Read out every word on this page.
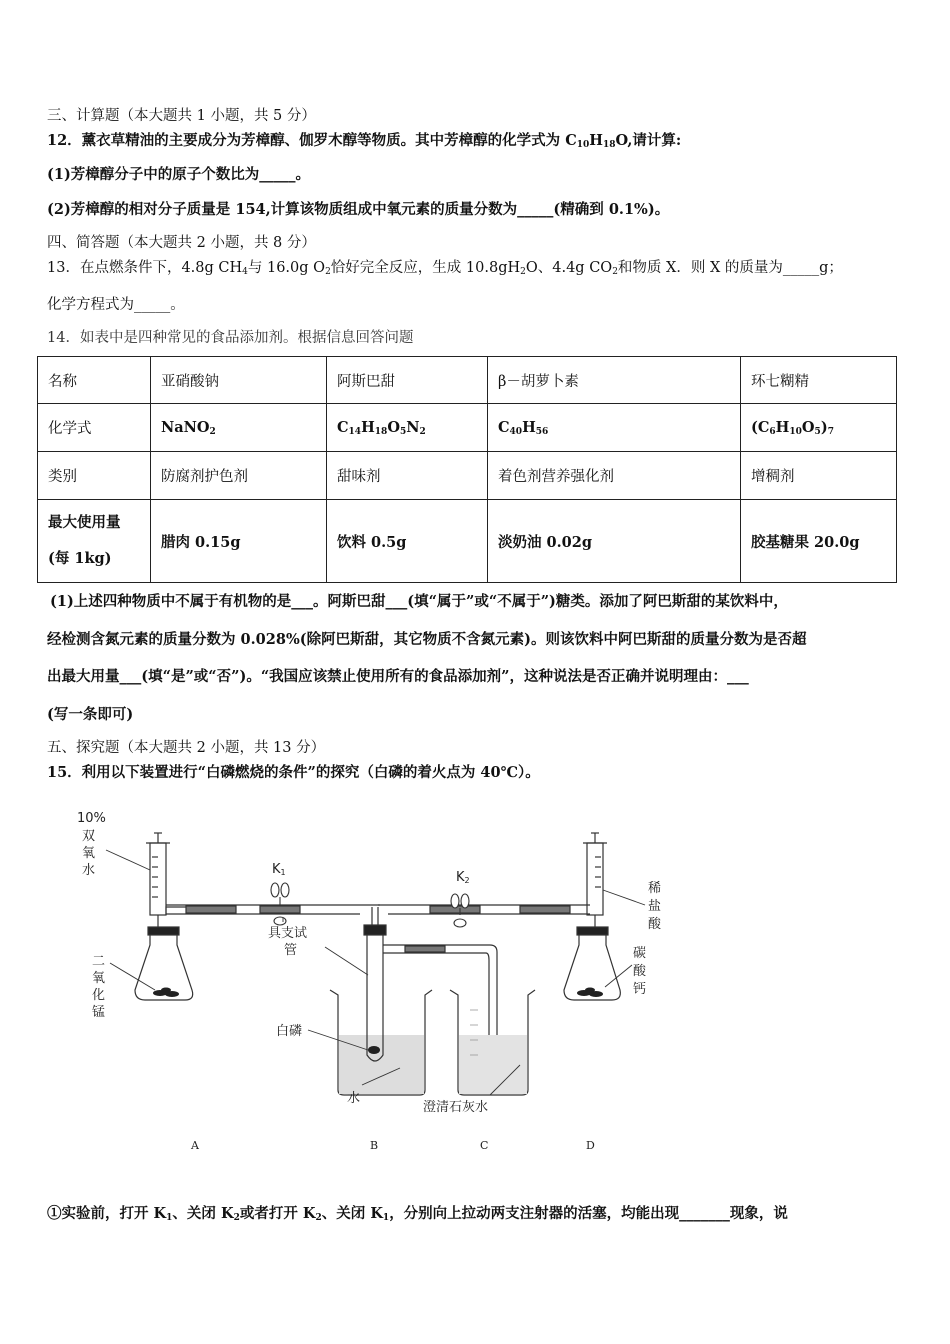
三、计算题（本大题共 1 小题，共 5 分）
12．薰衣草精油的主要成分为芳樟醇、伽罗木醇等物质。其中芳樟醇的化学式为 $C_{10}H_{18}O$,请计算:
(1)芳樟醇分子中的原子个数比为_____。
(2)芳樟醇的相对分子质量是 154,计算该物质组成中氧元素的质量分数为_____(精确到 0.1%)。
四、简答题（本大题共 2 小题，共 8 分）
13．在点燃条件下，4.8g $CH_4$与 16.0g $O_2$恰好完全反应，生成 $10.8gH_2O$、4.4g $CO_2$和物质 X．则 X 的质量为_____g；
化学方程式为_____。
14．如表中是四种常见的食品添加剂。根据信息回答问题
名称	亚硝酸钠	阿斯巴甜	β－胡萝卜素	环七糊精
化学式	NaNO$_2$	$C_{14}H_{18}O_5N_2$	$C_{40}H_{56}$	$(C_6H_{10}O_5)_7$
类别	防腐剂护色剂	甜味剂	着色剂营养强化剂	增稠剂
最大使用量
(每 1kg)	腊肉 0.15g	饮料 0.5g	淡奶油 0.02g	胶基糖果 20.0g
(1)上述四种物质中不属于有机物的是___。阿斯巴甜___(填“属于”或“不属于”)糖类。添加了阿巴斯甜的某饮料中，
经检测含氮元素的质量分数为 0.028%(除阿巴斯甜，其它物质不含氮元素)。则该饮料中阿巴斯甜的质量分数为是否超
出最大用量___(填“是”或“否”)。“我国应该禁止使用所有的食品添加剂”，这种说法是否正确并说明理由：___
(写一条即可)
五、探究题（本大题共 2 小题，共 13 分）
15．利用以下装置进行“白磷燃烧的条件”的探究（白磷的着火点为 40℃）。
10%
双
氧
水
二
氧
化
锰
K1	K2
具支试
管
白磷
水
澄清石灰水
稀
盐
酸
碳
酸
钙
A	B	C	D
①实验前，打开 $K_1$、关闭 $K_2$或者打开 $K_2$、关闭 $K_1$，分别向上拉动两支注射器的活塞，均能出现_______现象，说
